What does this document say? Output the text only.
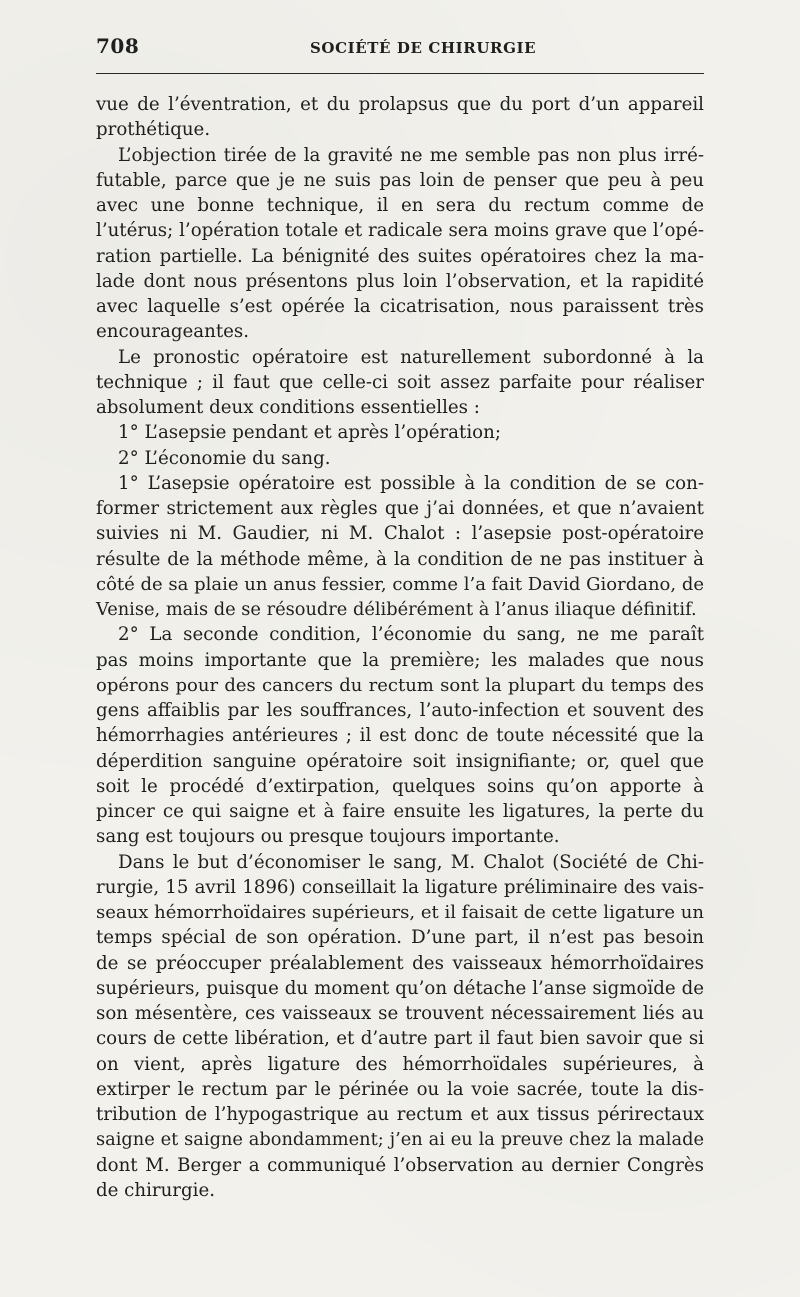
708	SOCIÉTÉ DE CHIRURGIE
vue de l’éventration, et du prolapsus que du port d’un appareil
prothétique.
L’objection tirée de la gravité ne me semble pas non plus irré-
futable, parce que je ne suis pas loin de penser que peu à peu
avec une bonne technique, il en sera du rectum comme de
l’utérus; l’opération totale et radicale sera moins grave que l’opé-
ration partielle. La bénignité des suites opératoires chez la ma-
lade dont nous présentons plus loin l’observation, et la rapidité
avec laquelle s’est opérée la cicatrisation, nous paraissent très
encourageantes.
Le pronostic opératoire est naturellement subordonné à la
technique ; il faut que celle-ci soit assez parfaite pour réaliser
absolument deux conditions essentielles :
1° L’asepsie pendant et après l’opération;
2° L’économie du sang.
1° L’asepsie opératoire est possible à la condition de se con-
former strictement aux règles que j’ai données, et que n’avaient
suivies ni M. Gaudier, ni M. Chalot : l’asepsie post-opératoire
résulte de la méthode même, à la condition de ne pas instituer à
côté de sa plaie un anus fessier, comme l’a fait David Giordano, de
Venise, mais de se résoudre délibérément à l’anus iliaque définitif.
2° La seconde condition, l’économie du sang, ne me paraît
pas moins importante que la première; les malades que nous
opérons pour des cancers du rectum sont la plupart du temps des
gens affaiblis par les souffrances, l’auto-infection et souvent des
hémorrhagies antérieures ; il est donc de toute nécessité que la
déperdition sanguine opératoire soit insignifiante; or, quel que
soit le procédé d’extirpation, quelques soins qu’on apporte à
pincer ce qui saigne et à faire ensuite les ligatures, la perte du
sang est toujours ou presque toujours importante.
Dans le but d’économiser le sang, M. Chalot (Société de Chi-
rurgie, 15 avril 1896) conseillait la ligature préliminaire des vais-
seaux hémorrhoïdaires supérieurs, et il faisait de cette ligature un
temps spécial de son opération. D’une part, il n’est pas besoin
de se préoccuper préalablement des vaisseaux hémorrhoïdaires
supérieurs, puisque du moment qu’on détache l’anse sigmoïde de
son mésentère, ces vaisseaux se trouvent nécessairement liés au
cours de cette libération, et d’autre part il faut bien savoir que si
on vient, après ligature des hémorrhoïdales supérieures, à
extirper le rectum par le périnée ou la voie sacrée, toute la dis-
tribution de l’hypogastrique au rectum et aux tissus périrectaux
saigne et saigne abondamment; j’en ai eu la preuve chez la malade
dont M. Berger a communiqué l’observation au dernier Congrès
de chirurgie.
